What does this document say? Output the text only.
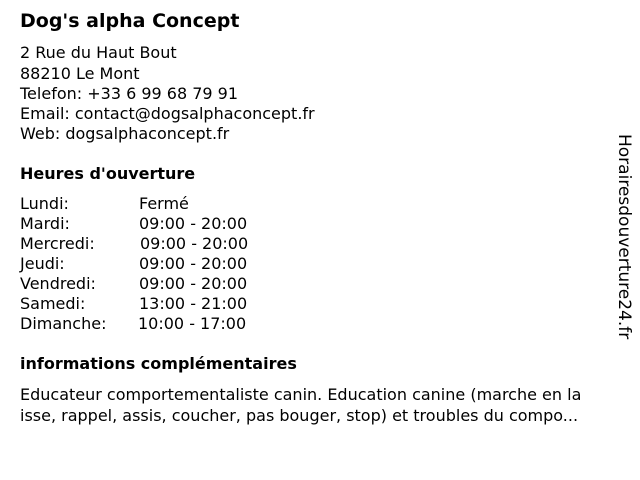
Dog's alpha Concept
2 Rue du Haut Bout
88210 Le Mont
Telefon: +33 6 99 68 79 91
Email: contact@dogsalphaconcept.fr
Web: dogsalphaconcept.fr
Heures d'ouverture
Lundi:	Fermé
Mardi:	09:00 - 20:00
Mercredi:	09:00 - 20:00
Jeudi:	09:00 - 20:00
Vendredi:	09:00 - 20:00
Samedi:	13:00 - 21:00
Dimanche: 10:00 - 17:00
informations complémentaires
Educateur comportementaliste canin. Education canine (marche en la
isse, rappel, assis, coucher, pas bouger, stop) et troubles du compo...
Horairesdouverture24.fr
